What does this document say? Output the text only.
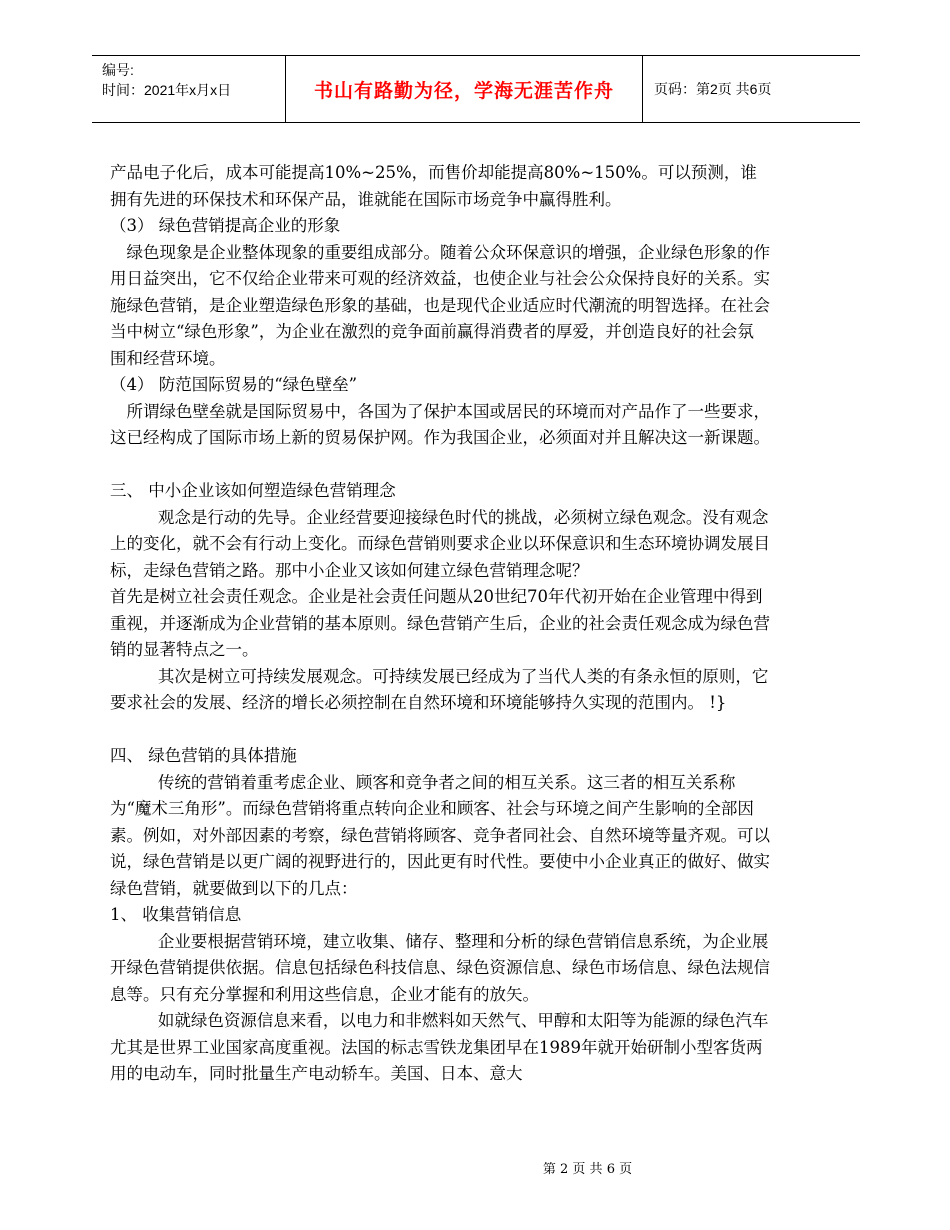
编号:
时间：2021年x月x日	书山有路勤为径，学海无涯苦作舟	页码：第2页 共6页

产品电子化后，成本可能提高10%~25%，而售价却能提高80%~150%。可以预测，谁拥有先进的环保技术和环保产品，谁就能在国际市场竞争中赢得胜利。

（3） 绿色营销提高企业的形象

绿色现象是企业整体现象的重要组成部分。随着公众环保意识的增强，企业绿色形象的作用日益突出，它不仅给企业带来可观的经济效益，也使企业与社会公众保持良好的关系。实施绿色营销，是企业塑造绿色形象的基础，也是现代企业适应时代潮流的明智选择。在社会当中树立“绿色形象”，为企业在激烈的竞争面前赢得消费者的厚爱，并创造良好的社会氛围和经营环境。

（4） 防范国际贸易的“绿色壁垒”

所谓绿色壁垒就是国际贸易中，各国为了保护本国或居民的环境而对产品作了一些要求，这已经构成了国际市场上新的贸易保护网。作为我国企业，必须面对并且解决这一新课题。

三、 中小企业该如何塑造绿色营销理念

观念是行动的先导。企业经营要迎接绿色时代的挑战，必须树立绿色观念。没有观念上的变化，就不会有行动上变化。而绿色营销则要求企业以环保意识和生态环境协调发展目标，走绿色营销之路。那中小企业又该如何建立绿色营销理念呢？

首先是树立社会责任观念。企业是社会责任问题从20世纪70年代初开始在企业管理中得到重视，并逐渐成为企业营销的基本原则。绿色营销产生后，企业的社会责任观念成为绿色营销的显著特点之一。

其次是树立可持续发展观念。可持续发展已经成为了当代人类的有条永恒的原则，它要求社会的发展、经济的增长必须控制在自然环境和环境能够持久实现的范围内。 !}

四、 绿色营销的具体措施

传统的营销着重考虑企业、顾客和竞争者之间的相互关系。这三者的相互关系称为“魔术三角形”。而绿色营销将重点转向企业和顾客、社会与环境之间产生影响的全部因素。例如，对外部因素的考察，绿色营销将顾客、竞争者同社会、自然环境等量齐观。可以说，绿色营销是以更广阔的视野进行的，因此更有时代性。要使中小企业真正的做好、做实绿色营销，就要做到以下的几点：

1、 收集营销信息

企业要根据营销环境，建立收集、储存、整理和分析的绿色营销信息系统，为企业展开绿色营销提供依据。信息包括绿色科技信息、绿色资源信息、绿色市场信息、绿色法规信息等。只有充分掌握和利用这些信息，企业才能有的放矢。

如就绿色资源信息来看，以电力和非燃料如天然气、甲醇和太阳等为能源的绿色汽车尤其是世界工业国家高度重视。法国的标志雪铁龙集团早在1989年就开始研制小型客货两用的电动车，同时批量生产电动轿车。美国、日本、意大

第 2 页 共 6 页
